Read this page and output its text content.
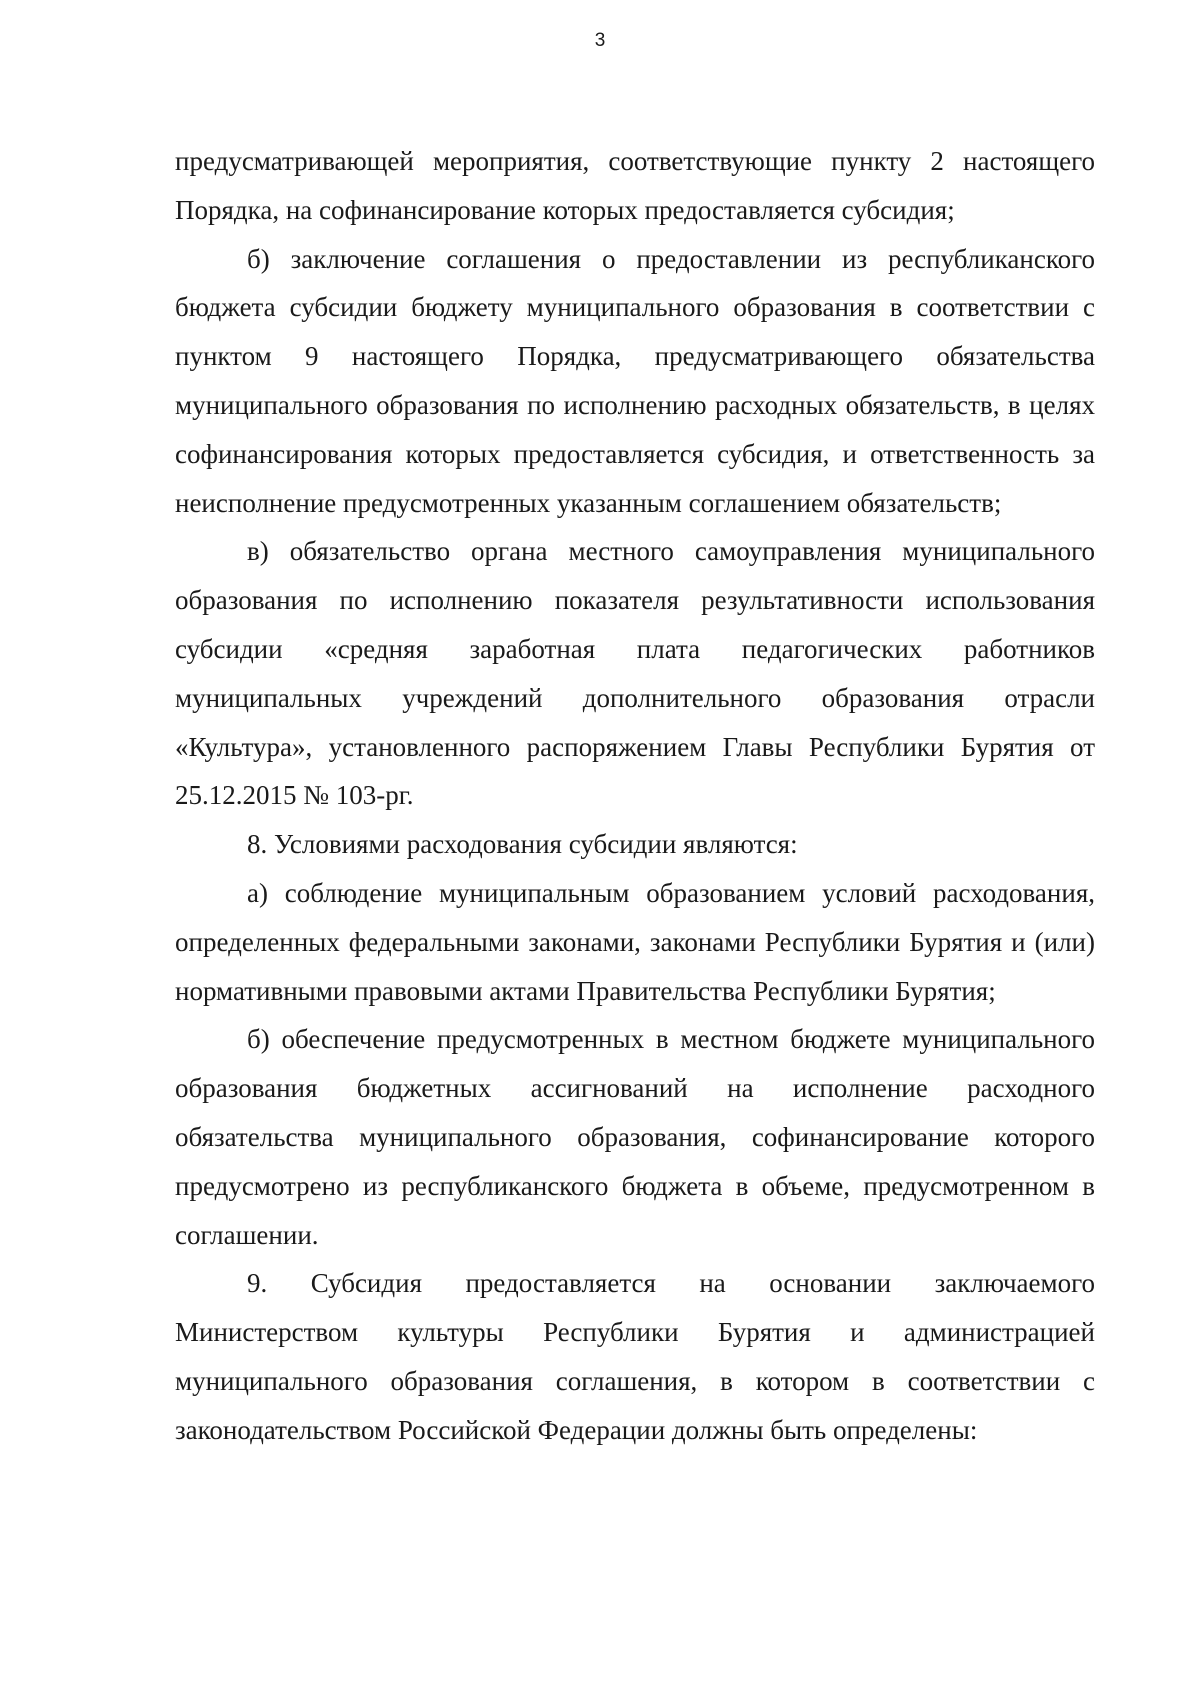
3

предусматривающей мероприятия, соответствующие пункту 2 настоящего Порядка, на софинансирование которых предоставляется субсидия;

б) заключение соглашения о предоставлении из республиканского бюджета субсидии бюджету муниципального образования в соответствии с пунктом 9 настоящего Порядка, предусматривающего обязательства муниципального образования по исполнению расходных обязательств, в целях софинансирования которых предоставляется субсидия, и ответственность за неисполнение предусмотренных указанным соглашением обязательств;

в) обязательство органа местного самоуправления муниципального образования по исполнению показателя результативности использования субсидии «средняя заработная плата педагогических работников муниципальных учреждений дополнительного образования отрасли «Культура», установленного распоряжением Главы Республики Бурятия от 25.12.2015 № 103-рг.

8. Условиями расходования субсидии являются:

а) соблюдение муниципальным образованием условий расходования, определенных федеральными законами, законами Республики Бурятия и (или) нормативными правовыми актами Правительства Республики Бурятия;

б) обеспечение предусмотренных в местном бюджете муниципального образования бюджетных ассигнований на исполнение расходного обязательства муниципального образования, софинансирование которого предусмотрено из республиканского бюджета в объеме, предусмотренном в соглашении.

9. Субсидия предоставляется на основании заключаемого Министерством культуры Республики Бурятия и администрацией муниципального образования соглашения, в котором в соответствии с законодательством Российской Федерации должны быть определены:
